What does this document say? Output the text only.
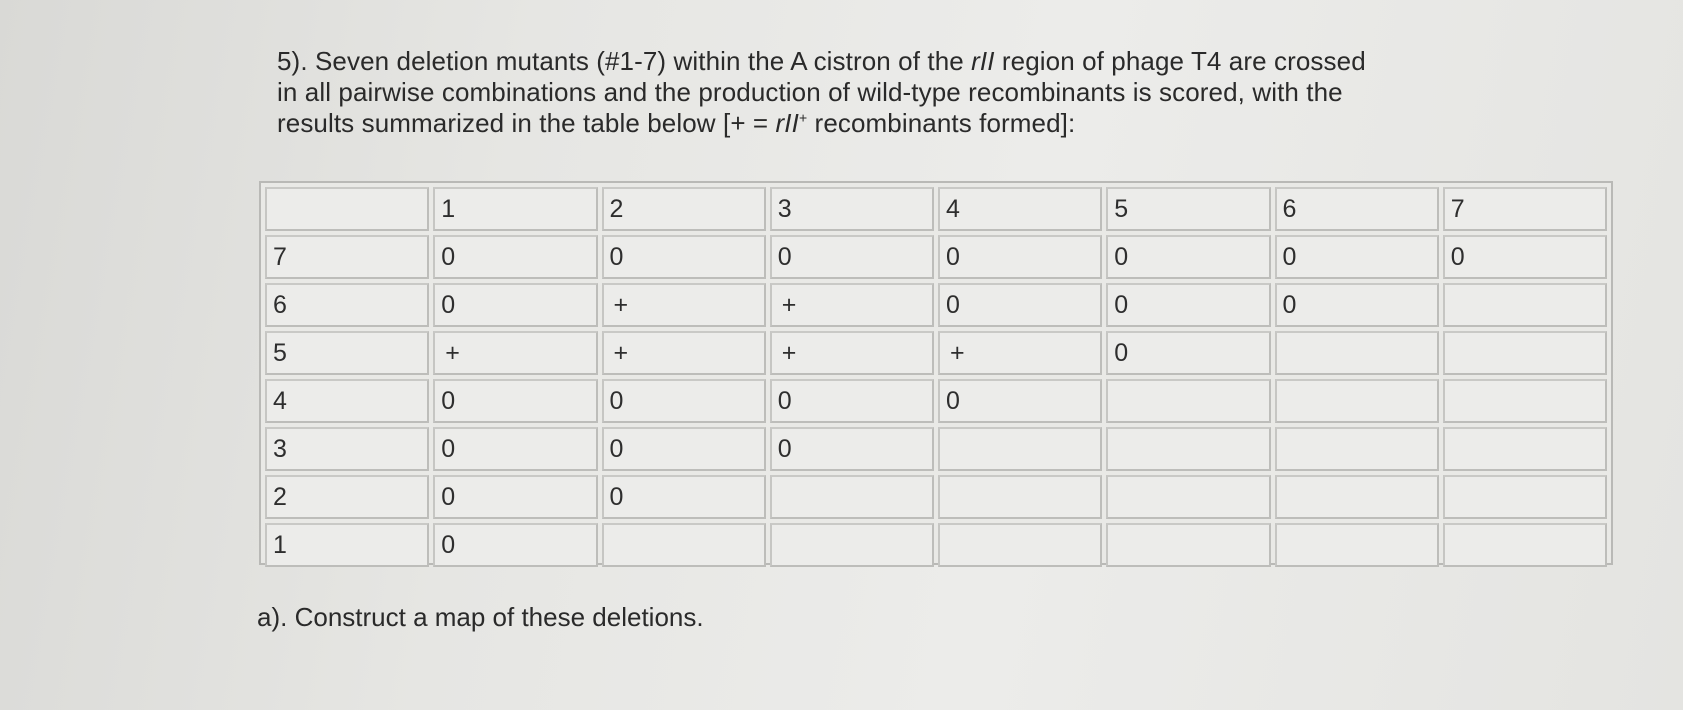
5). Seven deletion mutants (#1-7) within the A cistron of the rII region of phage T4 are crossed

in all pairwise combinations and the production of wild-type recombinants is scored, with the

results summarized in the table below [+ = rII+ recombinants formed]:

	1	2	3	4	5	6	7
7	0	0	0	0	0	0	0
6	0	+	+	0	0	0	
5	+	+	+	+	0		
4	0	0	0	0			
3	0	0	0				
2	0	0					
1	0						
a). Construct a map of these deletions.
